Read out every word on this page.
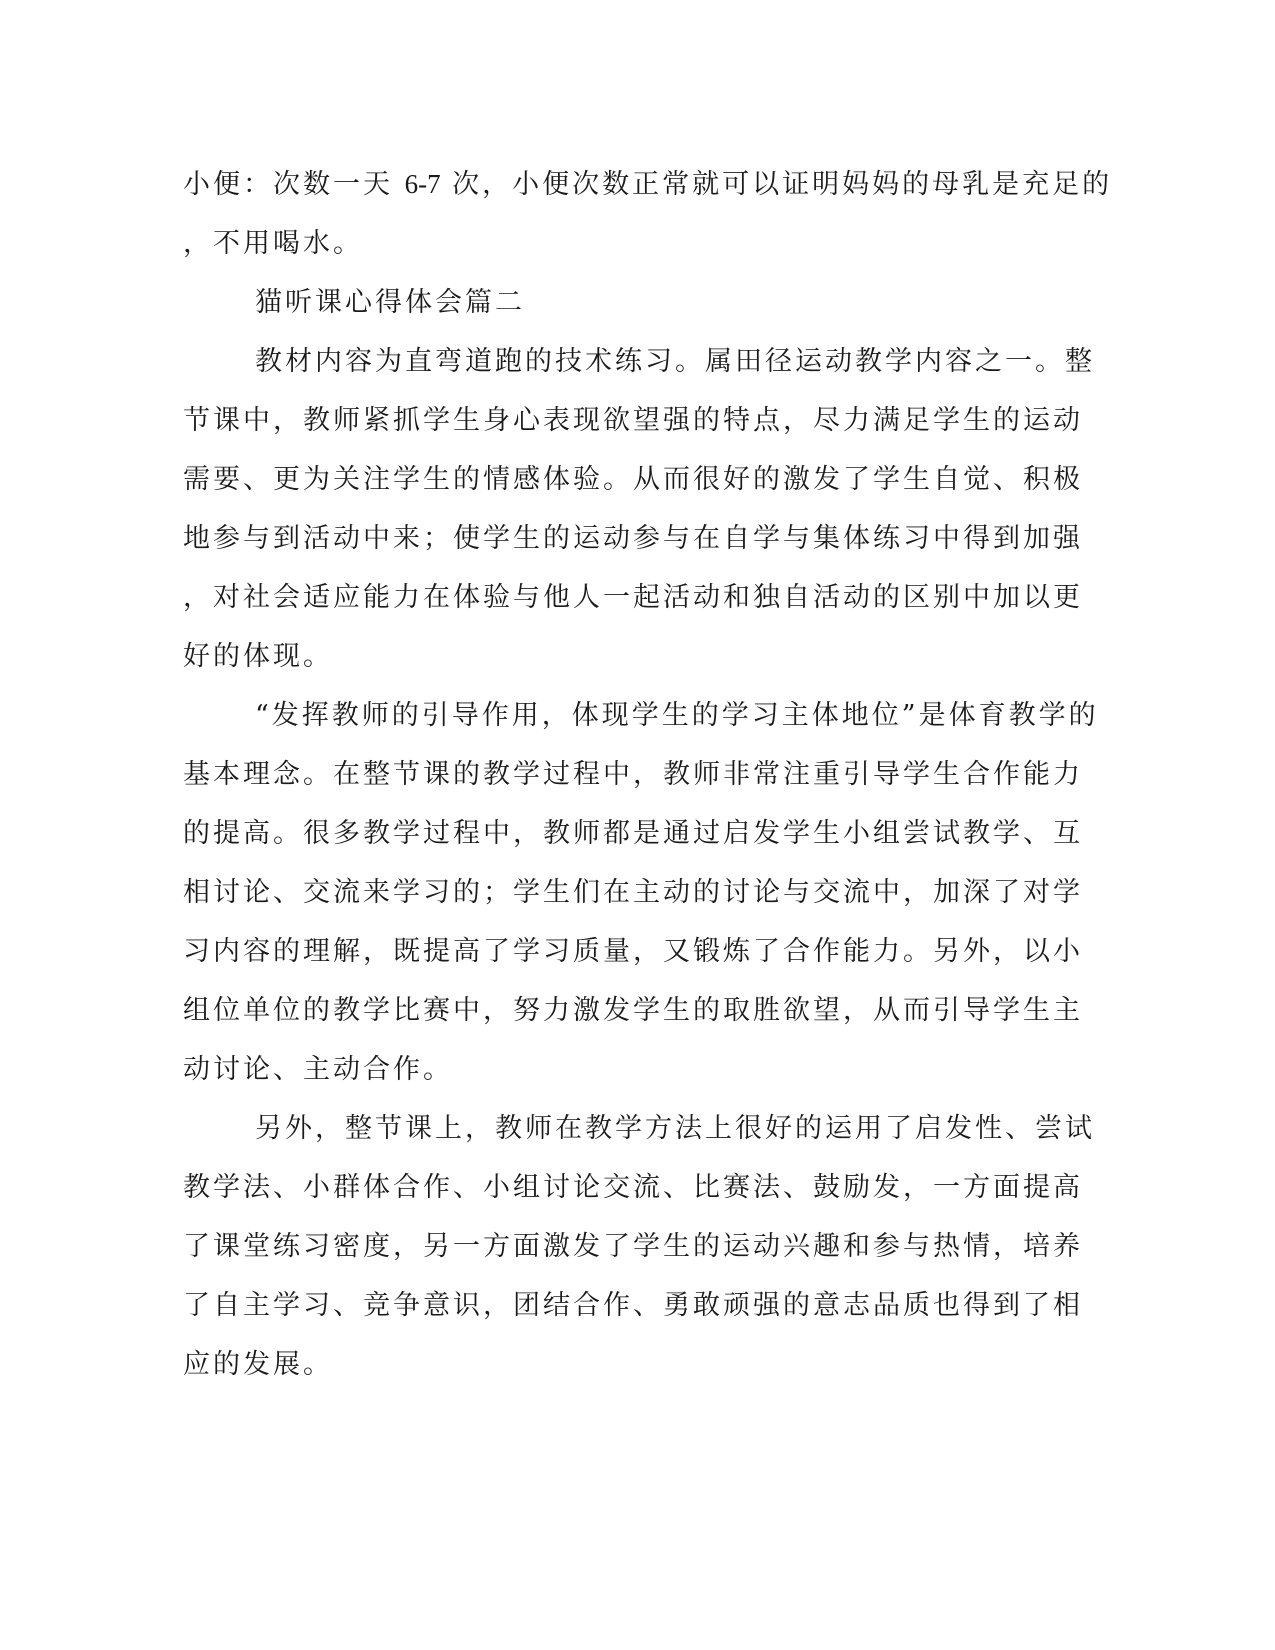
小便：次数一天 6-7 次，小便次数正常就可以证明妈妈的母乳是充足的
，不用喝水。
猫听课心得体会篇二
教材内容为直弯道跑的技术练习。属田径运动教学内容之一。整
节课中，教师紧抓学生身心表现欲望强的特点，尽力满足学生的运动
需要、更为关注学生的情感体验。从而很好的激发了学生自觉、积极
地参与到活动中来；使学生的运动参与在自学与集体练习中得到加强
，对社会适应能力在体验与他人一起活动和独自活动的区别中加以更
好的体现。
“发挥教师的引导作用，体现学生的学习主体地位”是体育教学的
基本理念。在整节课的教学过程中，教师非常注重引导学生合作能力
的提高。很多教学过程中，教师都是通过启发学生小组尝试教学、互
相讨论、交流来学习的；学生们在主动的讨论与交流中，加深了对学
习内容的理解，既提高了学习质量，又锻炼了合作能力。另外，以小
组位单位的教学比赛中，努力激发学生的取胜欲望，从而引导学生主
动讨论、主动合作。
另外，整节课上，教师在教学方法上很好的运用了启发性、尝试
教学法、小群体合作、小组讨论交流、比赛法、鼓励发，一方面提高
了课堂练习密度，另一方面激发了学生的运动兴趣和参与热情，培养
了自主学习、竞争意识，团结合作、勇敢顽强的意志品质也得到了相
应的发展。
